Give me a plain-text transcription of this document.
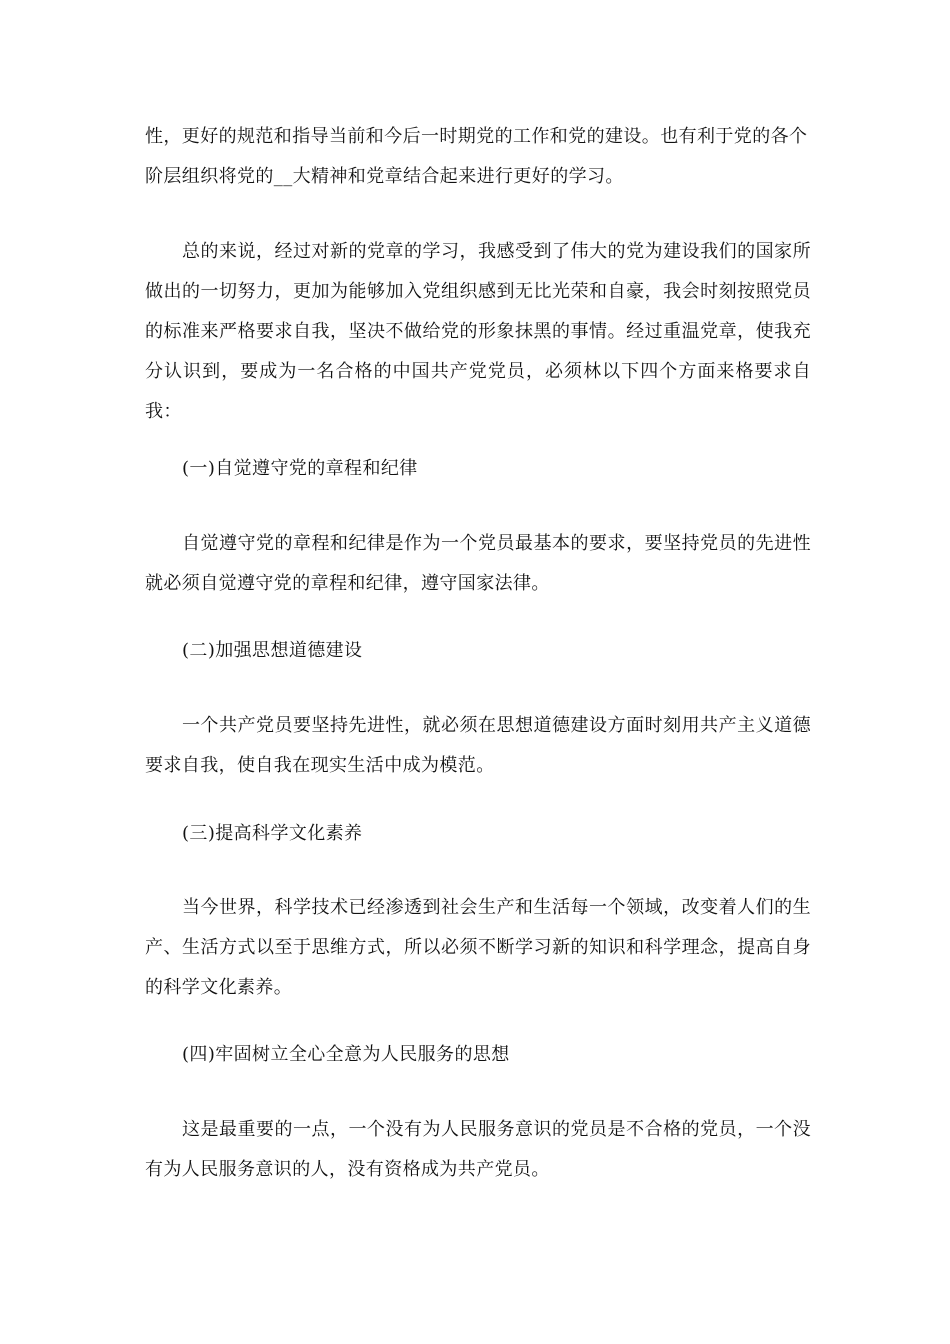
性，更好的规范和指导当前和今后一时期党的工作和党的建设。也有利于党的各个阶层组织将党的__大精神和党章结合起来进行更好的学习。

总的来说，经过对新的党章的学习，我感受到了伟大的党为建设我们的国家所做出的一切努力，更加为能够加入党组织感到无比光荣和自豪，我会时刻按照党员的标准来严格要求自我，坚决不做给党的形象抹黑的事情。经过重温党章，使我充分认识到，要成为一名合格的中国共产党党员，必须林以下四个方面来格要求自我：

(一)自觉遵守党的章程和纪律

自觉遵守党的章程和纪律是作为一个党员最基本的要求，要坚持党员的先进性就必须自觉遵守党的章程和纪律，遵守国家法律。

(二)加强思想道德建设

一个共产党员要坚持先进性，就必须在思想道德建设方面时刻用共产主义道德要求自我，使自我在现实生活中成为模范。

(三)提高科学文化素养

当今世界，科学技术已经渗透到社会生产和生活每一个领域，改变着人们的生产、生活方式以至于思维方式，所以必须不断学习新的知识和科学理念，提高自身的科学文化素养。

(四)牢固树立全心全意为人民服务的思想

这是最重要的一点，一个没有为人民服务意识的党员是不合格的党员，一个没有为人民服务意识的人，没有资格成为共产党员。
